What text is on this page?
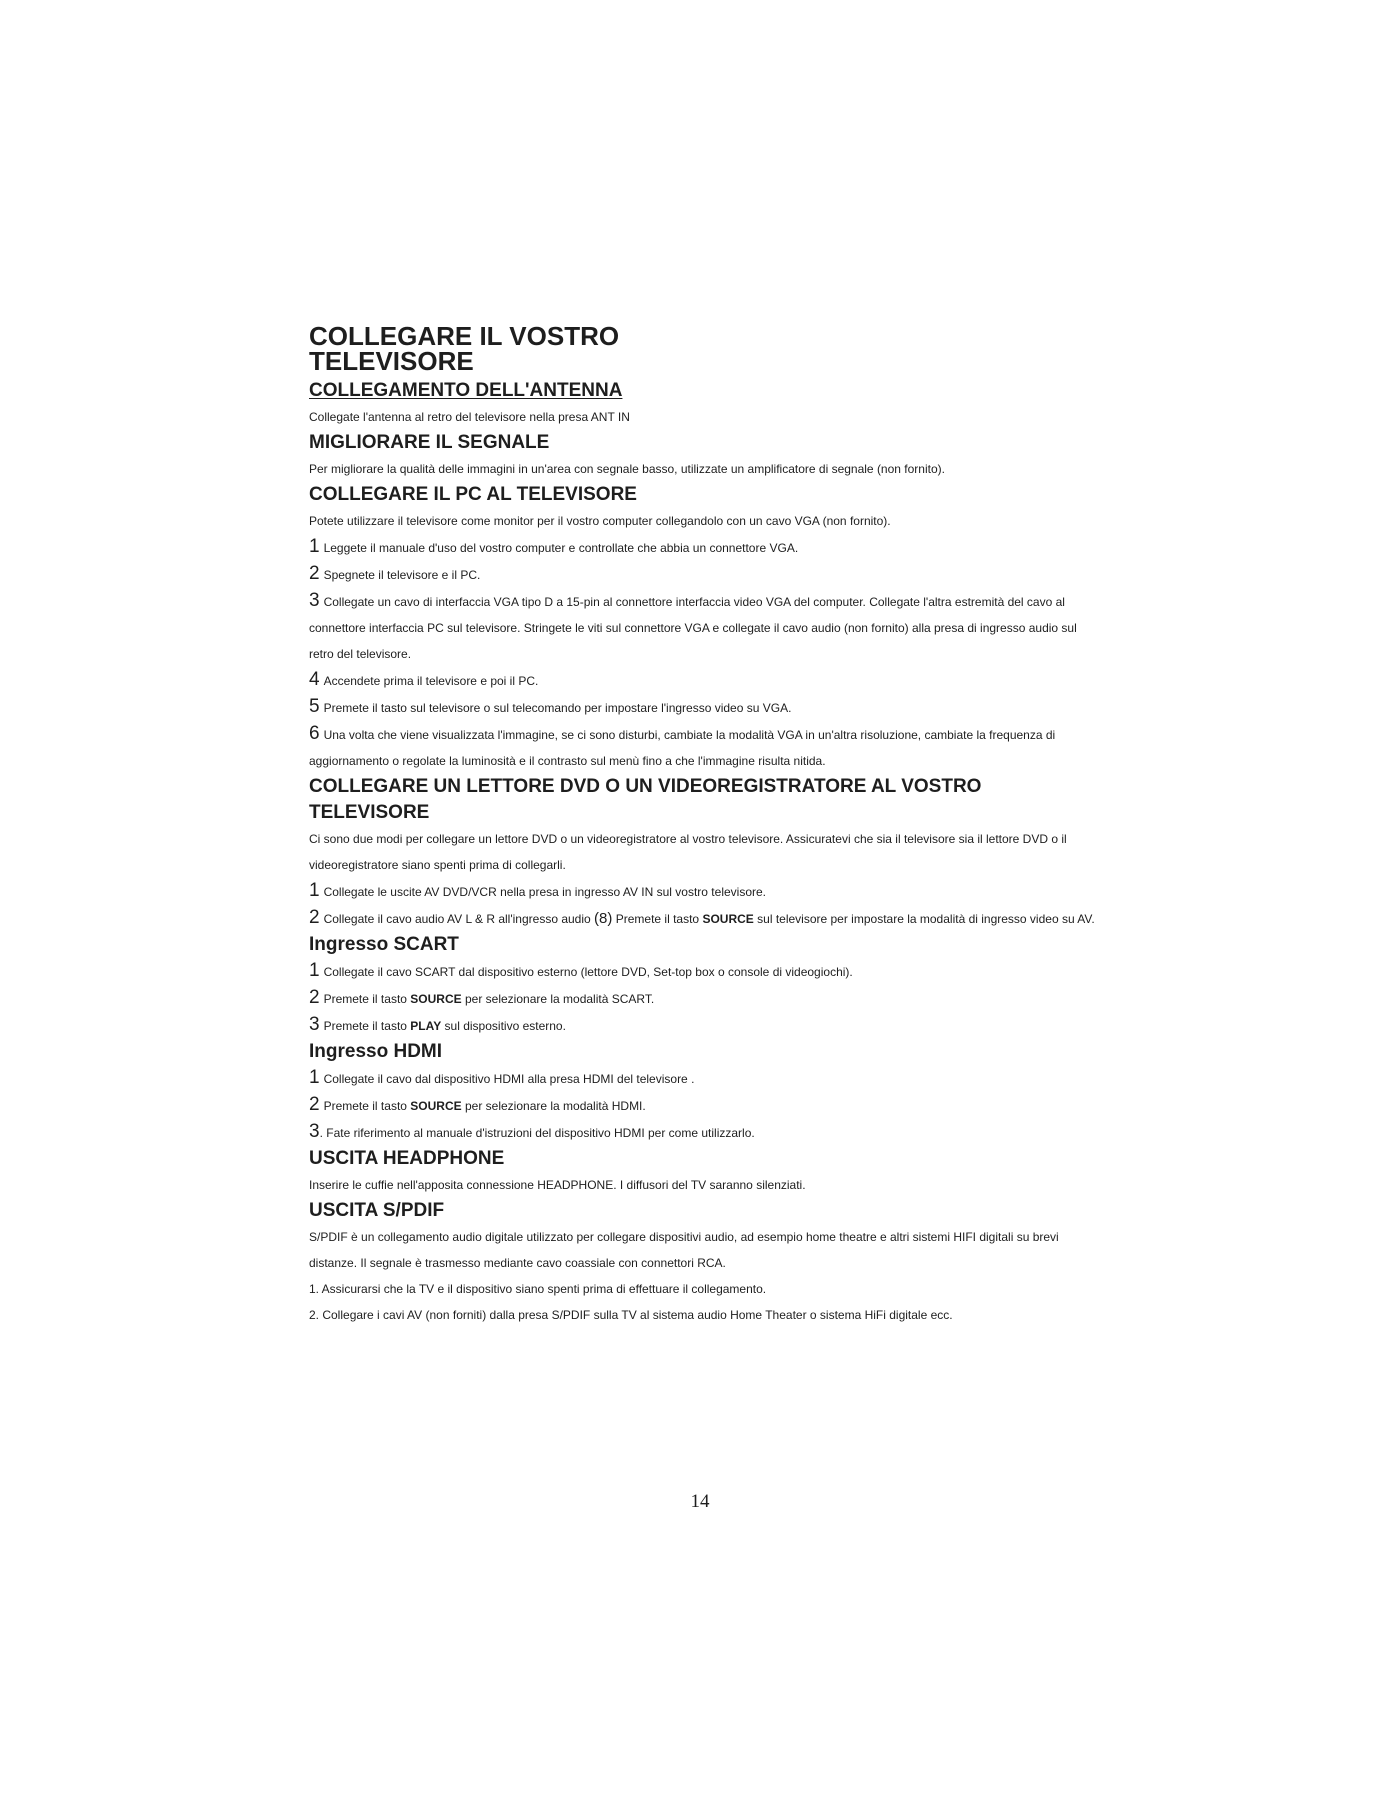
COLLEGARE IL VOSTRO
TELEVISORE
COLLEGAMENTO DELL'ANTENNA

Collegate l'antenna al retro del televisore nella presa ANT IN

MIGLIORARE IL SEGNALE

Per migliorare la qualità delle immagini in un'area con segnale basso, utilizzate un amplificatore di segnale (non fornito).

COLLEGARE IL PC AL TELEVISORE

Potete utilizzare il televisore come monitor per il vostro computer collegandolo con un cavo VGA (non fornito).

1 Leggete il manuale d'uso del vostro computer e controllate che abbia un connettore VGA.

2 Spegnete il televisore e il PC.

3 Collegate un cavo di interfaccia VGA tipo D a 15-pin al connettore interfaccia video VGA del computer. Collegate l'altra estremità del cavo al connettore interfaccia PC sul televisore. Stringete le viti sul connettore VGA e collegate il cavo audio (non fornito) alla presa di ingresso audio sul retro del televisore.

4 Accendete prima il televisore e poi il PC.

5 Premete il tasto sul televisore o sul telecomando per impostare l'ingresso video su VGA.

6 Una volta che viene visualizzata l'immagine, se ci sono disturbi, cambiate la modalità VGA in un'altra risoluzione, cambiate la frequenza di aggiornamento o regolate la luminosità e il contrasto sul menù fino a che l'immagine risulta nitida.

COLLEGARE UN LETTORE DVD O UN VIDEOREGISTRATORE AL VOSTRO
TELEVISORE

Ci sono due modi per collegare un lettore DVD o un videoregistratore al vostro televisore. Assicuratevi che sia il televisore sia il lettore DVD o il videoregistratore siano spenti prima di collegarli.

1 Collegate le uscite AV DVD/VCR nella presa in ingresso AV IN sul vostro televisore.

2 Collegate il cavo audio AV L & R all'ingresso audio (8) Premete il tasto SOURCE sul televisore per impostare la modalità di ingresso video su AV.

Ingresso SCART

1 Collegate il cavo SCART dal dispositivo esterno (lettore DVD, Set-top box o console di videogiochi).

2 Premete il tasto SOURCE per selezionare la modalità SCART.

3 Premete il tasto PLAY sul dispositivo esterno.

Ingresso HDMI

1 Collegate il cavo dal dispositivo HDMI alla presa HDMI del televisore .

2 Premete il tasto SOURCE per selezionare la modalità HDMI.

3. Fate riferimento al manuale d'istruzioni del dispositivo HDMI per come utilizzarlo.

USCITA HEADPHONE

Inserire le cuffie nell'apposita connessione HEADPHONE. I diffusori del TV saranno silenziati.

USCITA S/PDIF

S/PDIF è un collegamento audio digitale utilizzato per collegare dispositivi audio, ad esempio home theatre e altri sistemi HIFI digitali su brevi distanze. Il segnale è trasmesso mediante cavo coassiale con connettori RCA.

1. Assicurarsi che la TV e il dispositivo siano spenti prima di effettuare il collegamento.

2. Collegare i cavi AV (non forniti) dalla presa S/PDIF sulla TV al sistema audio Home Theater o sistema HiFi digitale ecc.

14
